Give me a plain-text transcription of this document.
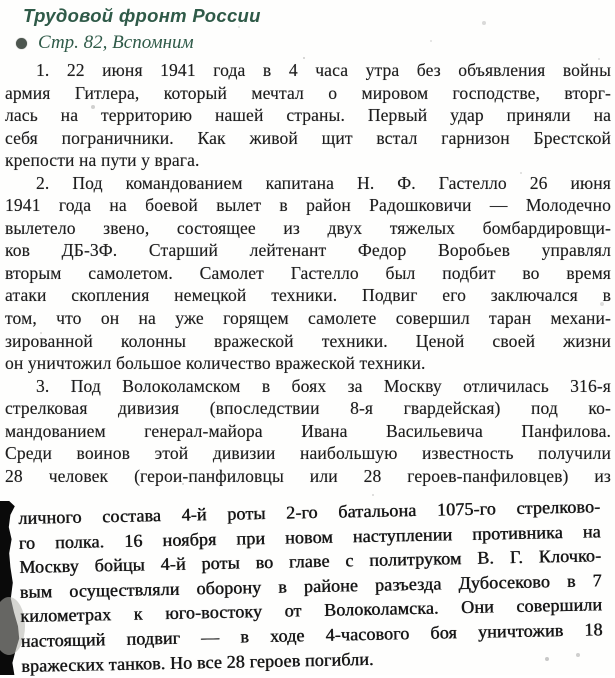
Трудовой фронт России
Стр. 82, Вспомним
1. 22 июня 1941 года в 4 часа утра без объявления войны
армия Гитлера, который мечтал о мировом господстве, вторг-
лась на территорию нашей страны. Первый удар приняли на
себя пограничники. Как живой щит встал гарнизон Брестской
крепости на пути у врага.
2. Под командованием капитана Н. Ф. Гастелло 26 июня
1941 года на боевой вылет в район Радошковичи — Молодечно
вылетело звено, состоящее из двух тяжелых бомбардировщи-
ков ДБ-3Ф. Старший лейтенант Федор Воробьев управлял
вторым самолетом. Самолет Гастелло был подбит во время
атаки скопления немецкой техники. Подвиг его заключался в
том, что он на уже горящем самолете совершил таран механи-
зированной колонны вражеской техники. Ценой своей жизни
он уничтожил большое количество вражеской техники.
3. Под Волоколамском в боях за Москву отличилась 316-я
стрелковая дивизия (впоследствии 8-я гвардейская) под ко-
мандованием генерал-майора Ивана Васильевича Панфилова.
Среди воинов этой дивизии наибольшую известность получили
28 человек (герои-панфиловцы или 28 героев-панфиловцев) из
личного состава 4-й роты 2-го батальона 1075-го стрелково-
го полка. 16 ноября при новом наступлении противника на
Москву бойцы 4-й роты во главе с политруком В. Г. Клочко-
вым осуществляли оборону в районе разъезда Дубосеково в 7
километрах к юго-востоку от Волоколамска. Они совершили
настоящий подвиг — в ходе 4-часового боя уничтожив 18
вражеских танков. Но все 28 героев погибли.
